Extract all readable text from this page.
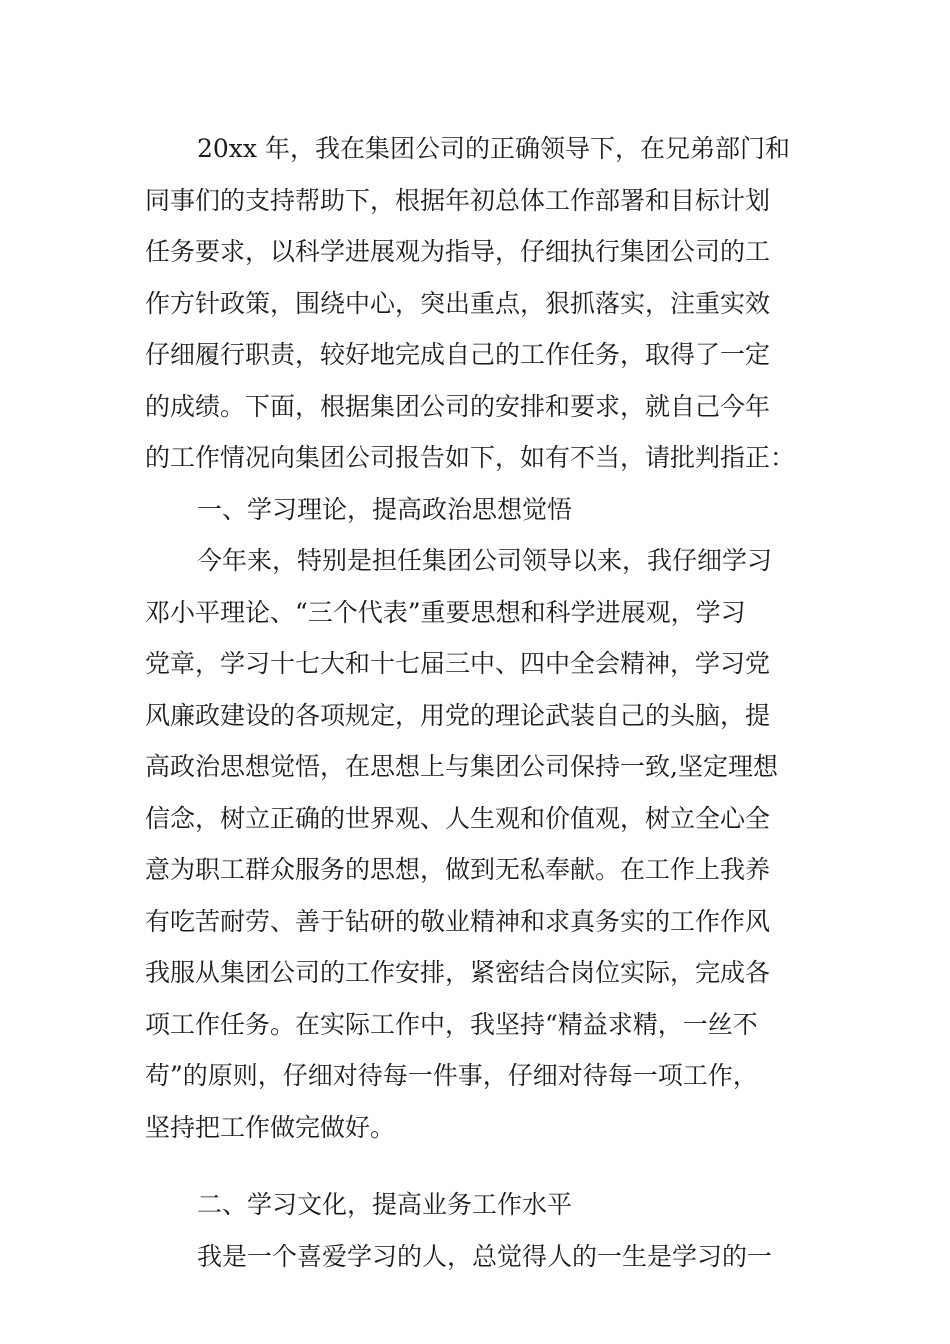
20xx 年，我在集团公司的正确领导下，在兄弟部门和
同事们的支持帮助下，根据年初总体工作部署和目标计划
任务要求，以科学进展观为指导，仔细执行集团公司的工
作方针政策，围绕中心，突出重点，狠抓落实，注重实效
仔细履行职责，较好地完成自己的工作任务，取得了一定
的成绩。下面，根据集团公司的安排和要求，就自己今年
的工作情况向集团公司报告如下，如有不当，请批判指正：
一、学习理论，提高政治思想觉悟
今年来，特别是担任集团公司领导以来，我仔细学习
邓小平理论、“三个代表”重要思想和科学进展观，学习
党章，学习十七大和十七届三中、四中全会精神，学习党
风廉政建设的各项规定，用党的理论武装自己的头脑，提
高政治思想觉悟，在思想上与集团公司保持一致,坚定理想
信念，树立正确的世界观、人生观和价值观，树立全心全
意为职工群众服务的思想，做到无私奉献。在工作上我养
有吃苦耐劳、善于钻研的敬业精神和求真务实的工作作风
我服从集团公司的工作安排，紧密结合岗位实际，完成各
项工作任务。在实际工作中，我坚持“精益求精，一丝不
苟”的原则，仔细对待每一件事，仔细对待每一项工作，
坚持把工作做完做好。
二、学习文化，提高业务工作水平
我是一个喜爱学习的人，总觉得人的一生是学习的一
